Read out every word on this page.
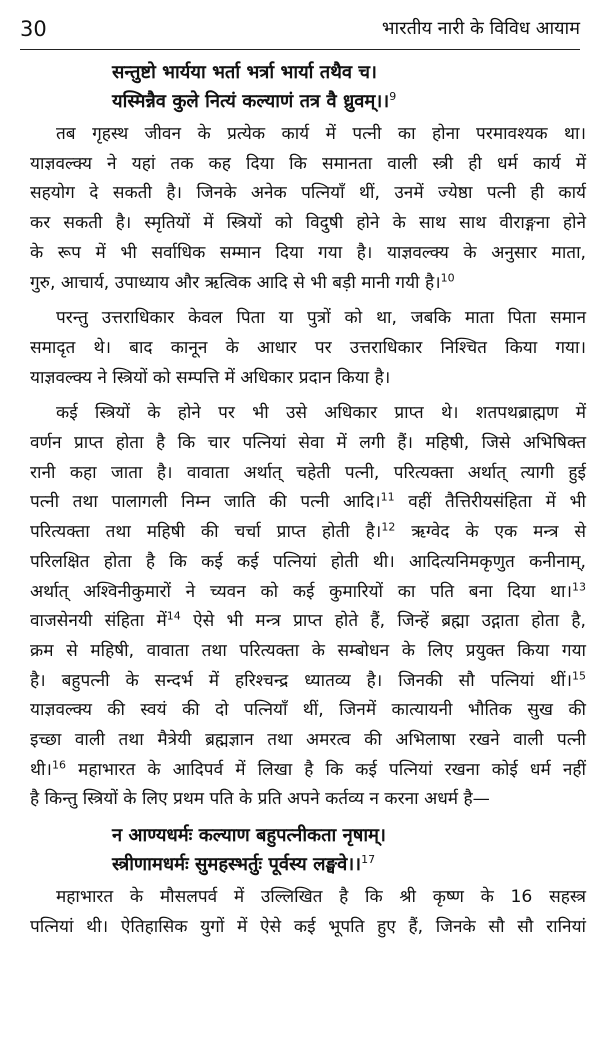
30	भारतीय नारी के विविध आयाम
सन्तुष्टो भार्यया भर्ता भर्त्रा भार्या तथैव च।
यस्मिन्नैव कुले नित्यं कल्याणं तत्र वै ध्रुवम्।।$^9$
तब गृहस्थ जीवन के प्रत्येक कार्य में पत्नी का होना परमावश्यक था।
याज्ञवल्क्य ने यहां तक कह दिया कि समानता वाली स्त्री ही धर्म कार्य में
सहयोग दे सकती है। जिनके अनेक पत्नियाँ थीं, उनमें ज्येष्ठा पत्नी ही कार्य
कर सकती है। स्मृतियों में स्त्रियों को विदुषी होने के साथ साथ वीराङ्गना होने
के रूप में भी सर्वाधिक सम्मान दिया गया है। याज्ञवल्क्य के अनुसार माता,
गुरु, आचार्य, उपाध्याय और ऋत्विक आदि से भी बड़ी मानी गयी है।$^{10}$
परन्तु उत्तराधिकार केवल पिता या पुत्रों को था, जबकि माता पिता समान
समादृत थे। बाद कानून के आधार पर उत्तराधिकार निश्चित किया गया।
याज्ञवल्क्य ने स्त्रियों को सम्पत्ति में अधिकार प्रदान किया है।
कई स्त्रियों के होने पर भी उसे अधिकार प्राप्त थे। शतपथब्राह्मण में
वर्णन प्राप्त होता है कि चार पत्नियां सेवा में लगी हैं। महिषी, जिसे अभिषिक्त
रानी कहा जाता है। वावाता अर्थात् चहेती पत्नी, परित्यक्ता अर्थात् त्यागी हुई
पत्नी तथा पालागली निम्न जाति की पत्नी आदि।$^{11}$ वहीं तैत्तिरीयसंहिता में भी
परित्यक्ता तथा महिषी की चर्चा प्राप्त होती है।$^{12}$ ऋग्वेद के एक मन्त्र से
परिलक्षित होता है कि कई कई पत्नियां होती थी। आदित्यनिमकृणुत कनीनाम्,
अर्थात् अश्विनीकुमारों ने च्यवन को कई कुमारियों का पति बना दिया था।$^{13}$
वाजसेनयी संहिता में$^{14}$ ऐसे भी मन्त्र प्राप्त होते हैं, जिन्हें ब्रह्मा उद्गाता होता है,
क्रम से महिषी, वावाता तथा परित्यक्ता के सम्बोधन के लिए प्रयुक्त किया गया
है। बहुपत्नी के सन्दर्भ में हरिश्चन्द्र ध्यातव्य है। जिनकी सौ पत्नियां थीं।$^{15}$
याज्ञवल्क्य की स्वयं की दो पत्नियाँ थीं, जिनमें कात्यायनी भौतिक सुख की
इच्छा वाली तथा मैत्रेयी ब्रह्मज्ञान तथा अमरत्व की अभिलाषा रखने वाली पत्नी
थी।$^{16}$ महाभारत के आदिपर्व में लिखा है कि कई पत्नियां रखना कोई धर्म नहीं
है किन्तु स्त्रियों के लिए प्रथम पति के प्रति अपने कर्तव्य न करना अधर्म है—
न आण्यधर्मः कल्याण बहुपत्नीकता नृषाम्।
स्त्रीणामधर्मः सुमहस्भर्तुः पूर्वस्य लङ्घवे।।$^{17}$
महाभारत के मौसलपर्व में उल्लिखित है कि श्री कृष्ण के 16 सहस्त्र
पत्नियां थी। ऐतिहासिक युगों में ऐसे कई भूपति हुए हैं, जिनके सौ सौ रानियां
